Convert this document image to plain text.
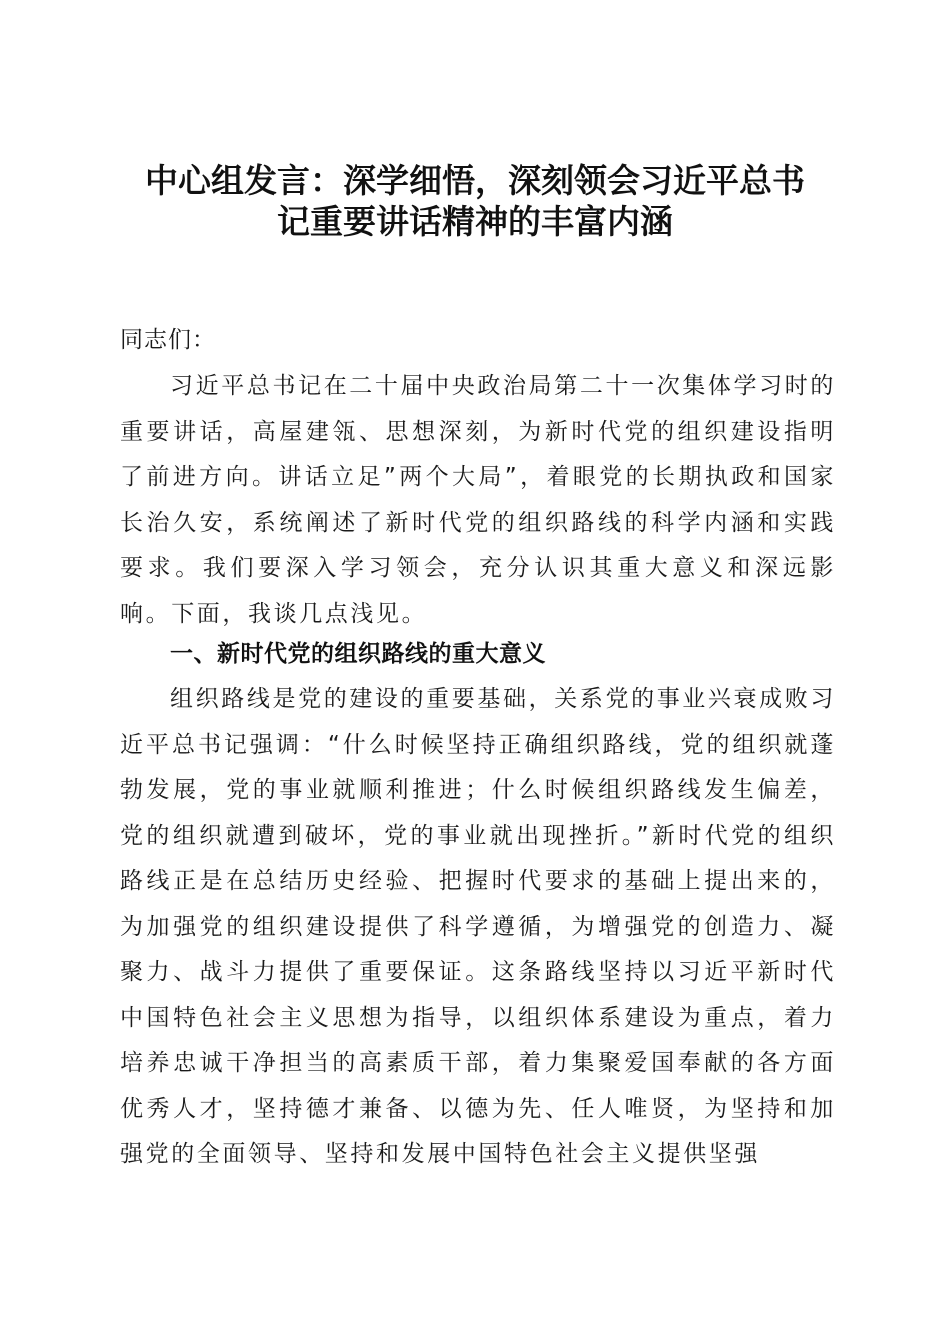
中心组发言：深学细悟，深刻领会习近平总书
记重要讲话精神的丰富内涵

同志们：

习近平总书记在二十届中央政治局第二十一次集体学习时的重要讲话，高屋建瓴、思想深刻，为新时代党的组织建设指明了前进方向。讲话立足”两个大局”，着眼党的长期执政和国家长治久安，系统阐述了新时代党的组织路线的科学内涵和实践要求。我们要深入学习领会，充分认识其重大意义和深远影响。下面，我谈几点浅见。

一、新时代党的组织路线的重大意义

组织路线是党的建设的重要基础，关系党的事业兴衰成败习近平总书记强调：“什么时候坚持正确组织路线，党的组织就蓬勃发展，党的事业就顺利推进；什么时候组织路线发生偏差，党的组织就遭到破坏，党的事业就出现挫折。”新时代党的组织路线正是在总结历史经验、把握时代要求的基础上提出来的，为加强党的组织建设提供了科学遵循，为增强党的创造力、凝聚力、战斗力提供了重要保证。这条路线坚持以习近平新时代中国特色社会主义思想为指导，以组织体系建设为重点，着力培养忠诚干净担当的高素质干部，着力集聚爱国奉献的各方面优秀人才，坚持德才兼备、以德为先、任人唯贤，为坚持和加强党的全面领导、坚持和发展中国特色社会主义提供坚强
